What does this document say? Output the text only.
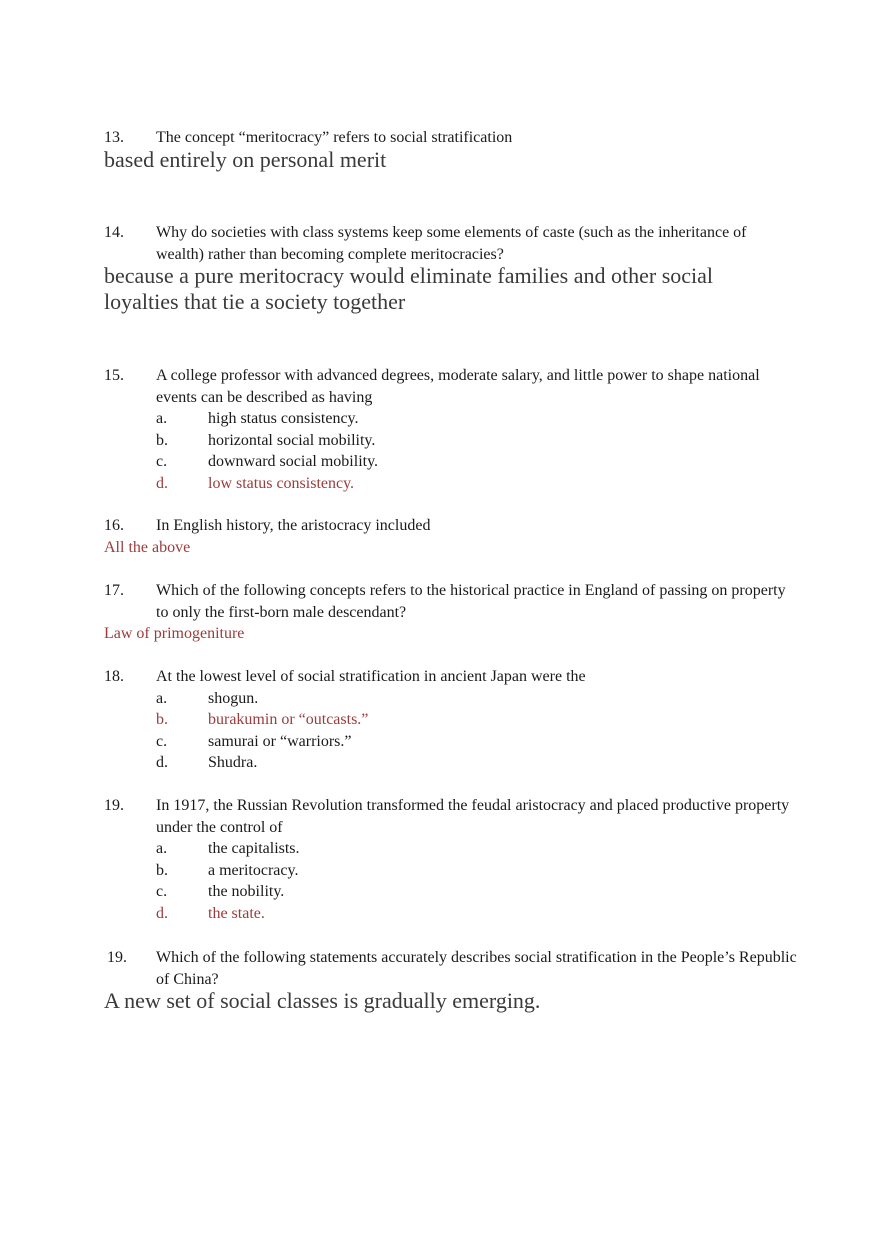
13.	The concept “meritocracy” refers to social stratification
based entirely on personal merit
14.	Why do societies with class systems keep some elements of caste (such as the inheritance of wealth) rather than becoming complete meritocracies?
because a pure meritocracy would eliminate families and other social
loyalties that tie a society together
15.	A college professor with advanced degrees, moderate salary, and little power to shape national events can be described as having
a.	high status consistency.
b.	horizontal social mobility.
c.	downward social mobility.
d.	low status consistency.
16.	In English history, the aristocracy included
All the above
17.	Which of the following concepts refers to the historical practice in England of passing on property to only the first-born male descendant?
Law of primogeniture
18.	At the lowest level of social stratification in ancient Japan were the
a.	shogun.
b.	burakumin or “outcasts.”
c.	samurai or “warriors.”
d.	Shudra.
19.	In 1917, the Russian Revolution transformed the feudal aristocracy and placed productive property under the control of
a.	the capitalists.
b.	a meritocracy.
c.	the nobility.
d.	the state.
19.	Which of the following statements accurately describes social stratification in the People’s Republic of China?
A new set of social classes is gradually emerging.
